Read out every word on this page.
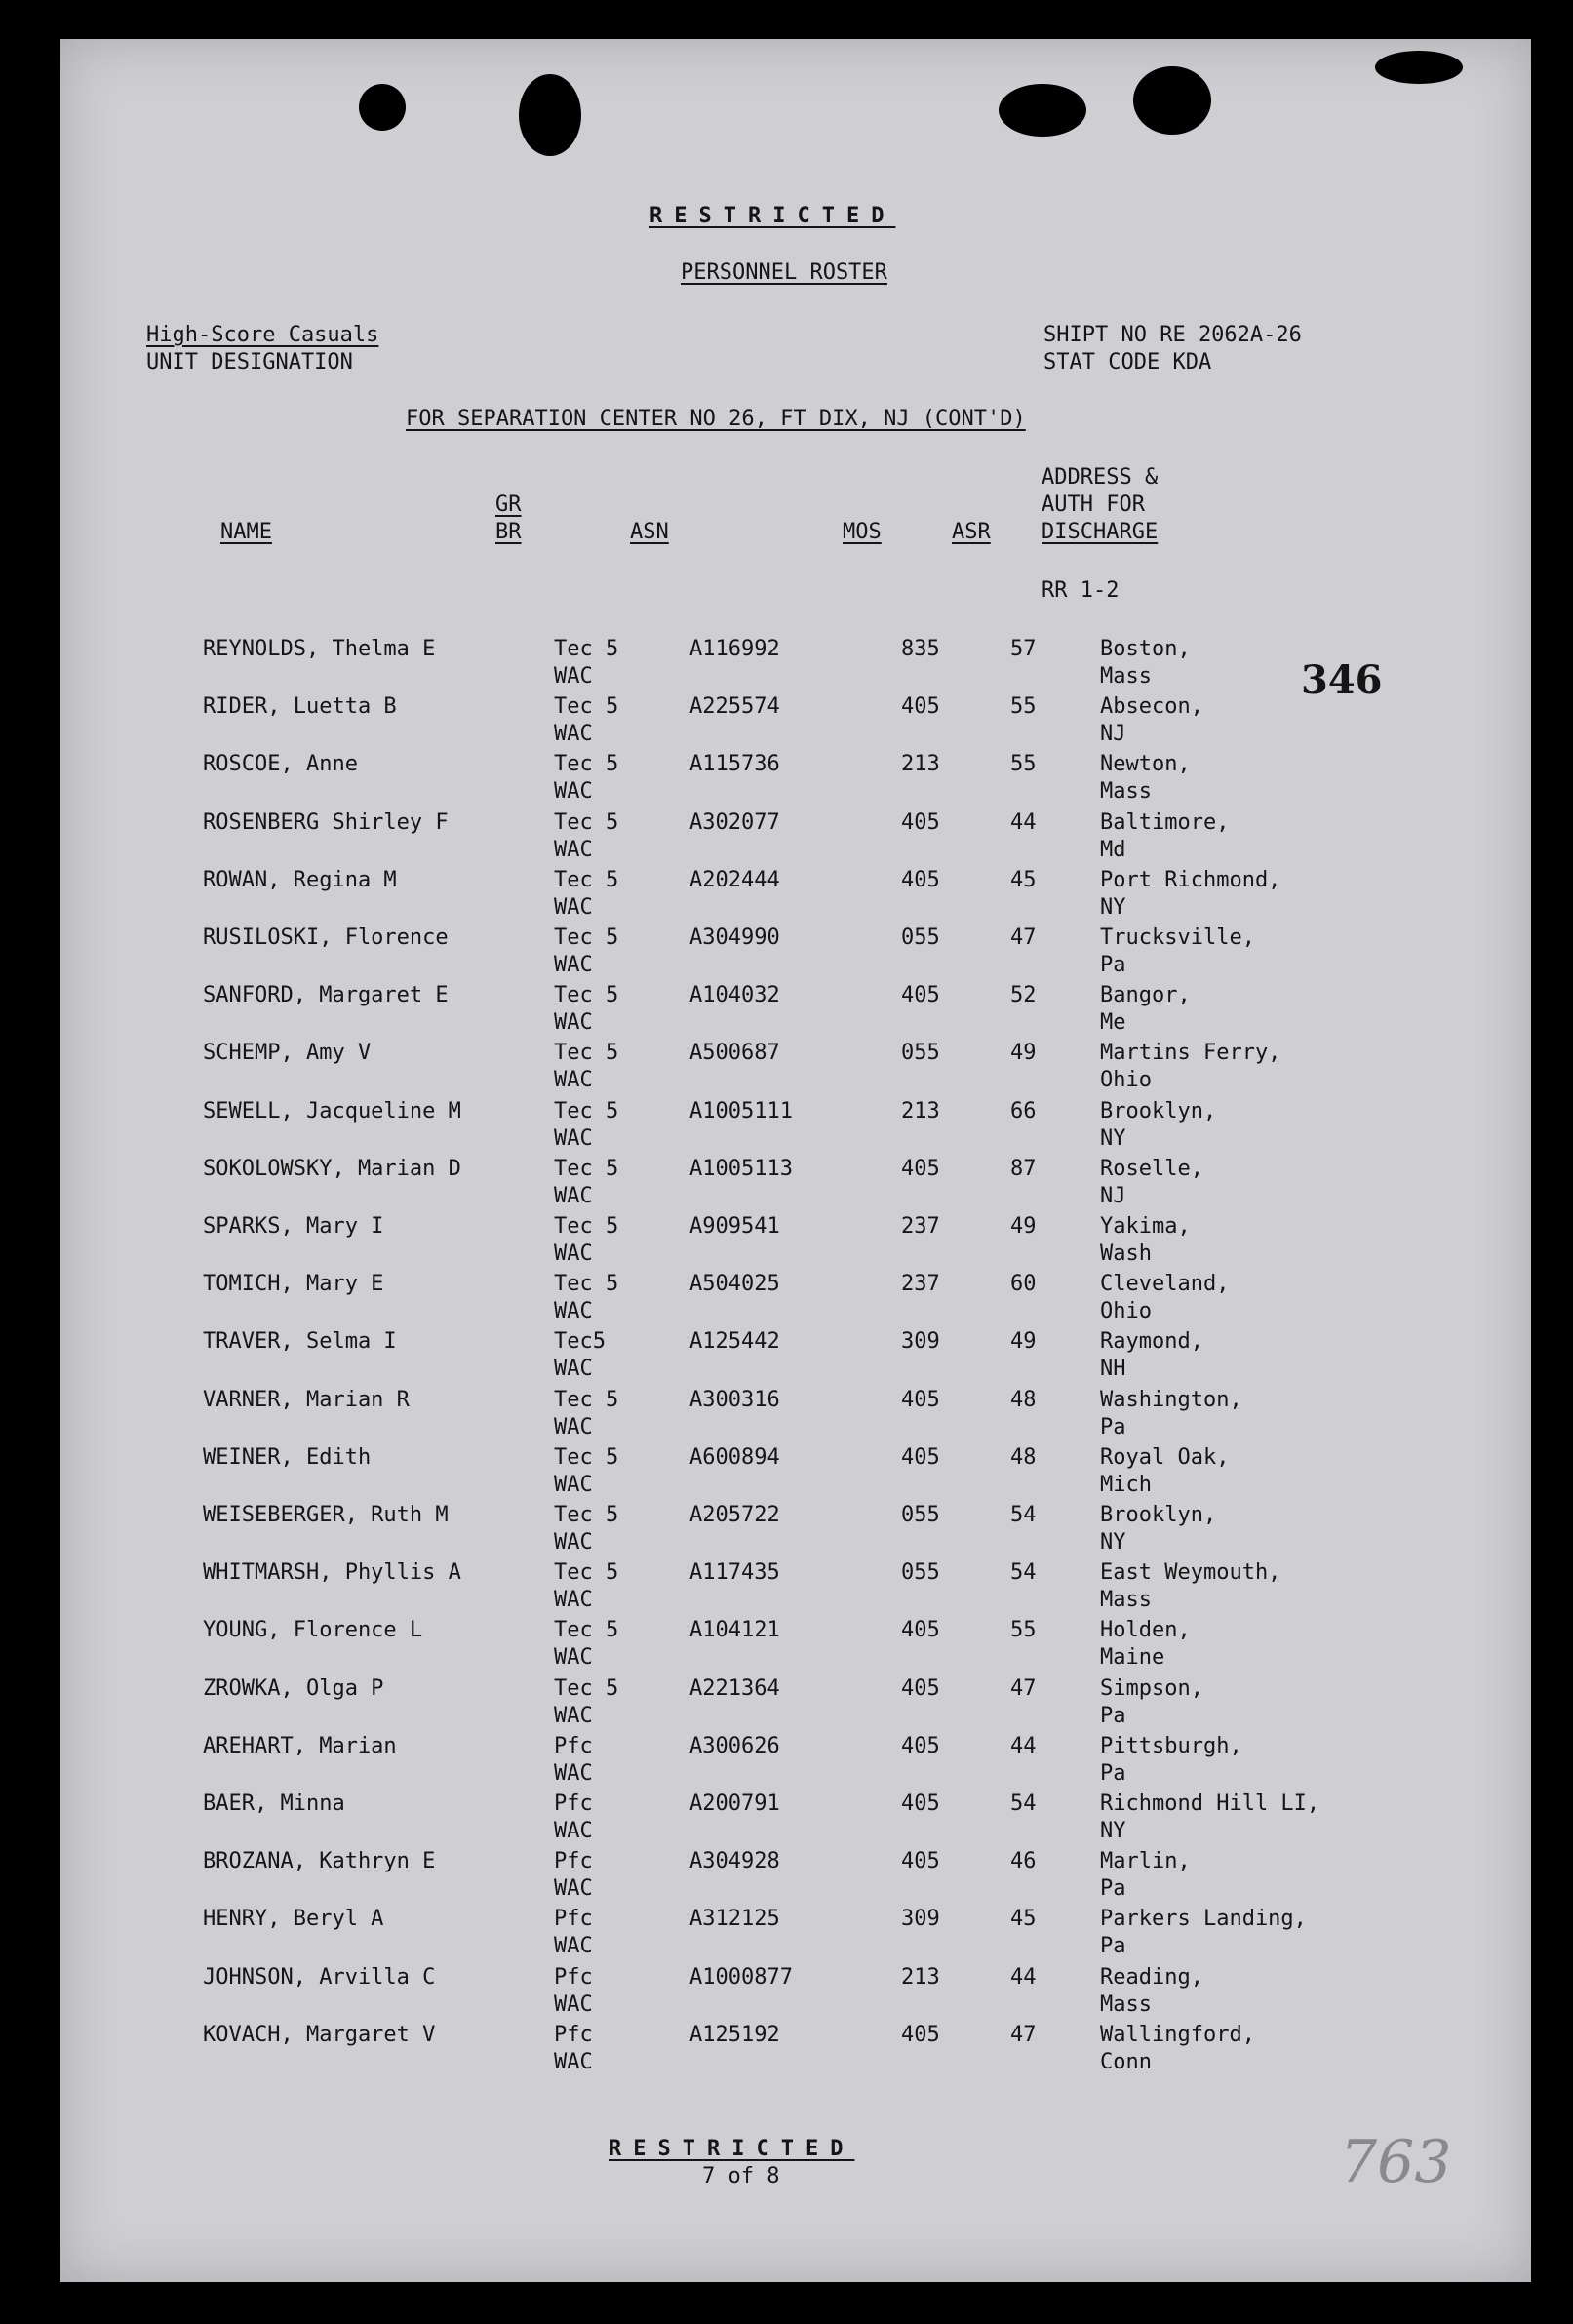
RESTRICTED
PERSONNEL ROSTER
High-Score Casuals
UNIT DESIGNATION
SHIPT NO RE 2062A-26
STAT CODE KDA
FOR SEPARATION CENTER NO 26, FT DIX, NJ (CONT'D)
ADDRESS &
AUTH FOR
DISCHARGE
GR
BR
NAME	ASN	MOS	ASR
RR 1-2
346
REYNOLDS, Thelma E	Tec 5	A116992	835	57	Boston,
WAC	Mass
RIDER, Luetta B	Tec 5	A225574	405	55	Absecon,
WAC	NJ
ROSCOE, Anne	Tec 5	A115736	213	55	Newton,
WAC	Mass
ROSENBERG Shirley F	Tec 5	A302077	405	44	Baltimore,
WAC	Md
ROWAN, Regina M	Tec 5	A202444	405	45	Port Richmond,
WAC	NY
RUSILOSKI, Florence	Tec 5	A304990	055	47	Trucksville,
WAC	Pa
SANFORD, Margaret E	Tec 5	A104032	405	52	Bangor,
WAC	Me
SCHEMP, Amy V	Tec 5	A500687	055	49	Martins Ferry,
WAC	Ohio
SEWELL, Jacqueline M	Tec 5	A1005111	213	66	Brooklyn,
WAC	NY
SOKOLOWSKY, Marian D	Tec 5	A1005113	405	87	Roselle,
WAC	NJ
SPARKS, Mary I	Tec 5	A909541	237	49	Yakima,
WAC	Wash
TOMICH, Mary E	Tec 5	A504025	237	60	Cleveland,
WAC	Ohio
TRAVER, Selma I	Tec5	A125442	309	49	Raymond,
WAC	NH
VARNER, Marian R	Tec 5	A300316	405	48	Washington,
WAC	Pa
WEINER, Edith	Tec 5	A600894	405	48	Royal Oak,
WAC	Mich
WEISEBERGER, Ruth M	Tec 5	A205722	055	54	Brooklyn,
WAC	NY
WHITMARSH, Phyllis A	Tec 5	A117435	055	54	East Weymouth,
WAC	Mass
YOUNG, Florence L	Tec 5	A104121	405	55	Holden,
WAC	Maine
ZROWKA, Olga P	Tec 5	A221364	405	47	Simpson,
WAC	Pa
AREHART, Marian	Pfc	A300626	405	44	Pittsburgh,
WAC	Pa
BAER, Minna	Pfc	A200791	405	54	Richmond Hill LI,
WAC	NY
BROZANA, Kathryn E	Pfc	A304928	405	46	Marlin,
WAC	Pa
HENRY, Beryl A	Pfc	A312125	309	45	Parkers Landing,
WAC	Pa
JOHNSON, Arvilla C	Pfc	A1000877	213	44	Reading,
WAC	Mass
KOVACH, Margaret V	Pfc	A125192	405	47	Wallingford,
WAC	Conn
RESTRICTED
7 of 8	763
